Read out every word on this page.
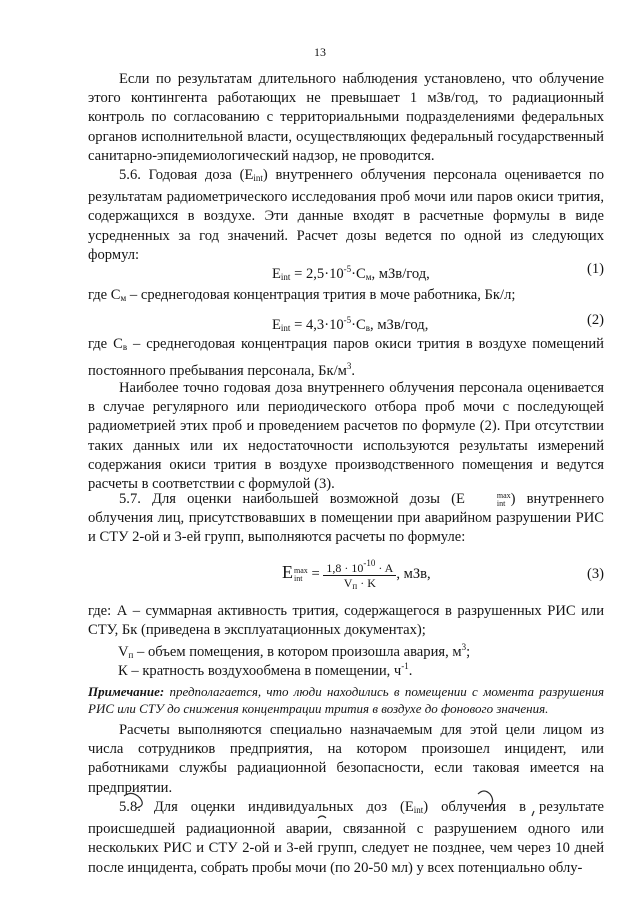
13

Если по результатам длительного наблюдения установлено, что облучение этого контингента работающих не превышает 1 мЗв/год, то радиационный контроль по согласованию с территориальными подразделениями федеральных органов исполнительной власти, осуществляющих федеральный государственный санитарно-эпидемиологический надзор, не проводится.

5.6. Годовая доза $(E_{int})$ внутреннего облучения персонала оценивается по результатам радиометрического исследования проб мочи или паров окиси трития, содержащихся в воздухе. Эти данные входят в расчетные формулы в виде усредненных за год значений. Расчет дозы ведется по одной из следующих формул:

$E_{int} = 2,5\cdot 10^{-5}\cdot C_м$, мЗв/год,	(1)

где $C_м$ – среднегодовая концентрация трития в моче работника, Бк/л;

$E_{int} = 4,3\cdot 10^{-5}\cdot C_в$, мЗв/год,	(2)

где $C_в$ – среднегодовая концентрация паров окиси трития в воздухе помещений постоянного пребывания персонала, $Бк/м^3$.

Наиболее точно годовая доза внутреннего облучения персонала оценивается в случае регулярного или периодического отбора проб мочи с последующей радиометрией этих проб и проведением расчетов по формуле (2). При отсутствии таких данных или их недостаточности используются результаты измерений содержания окиси трития в воздухе производственного помещения и ведутся расчеты в соответствии с формулой (3).

5.7. Для оценки наибольшей возможной дозы (E	max
int ) внутреннего облучения лиц, присутствовавших в помещении при аварийном разрушении РИС и СТУ 2-ой и 3-ей групп, выполняются расчеты по формуле:

E max
int = $\frac{1,8 \cdot 10^{-10} \cdot A}{V_п \cdot K}$ , мЗв,	(3)

где: А – суммарная активность трития, содержащегося в разрушенных РИС или СТУ, Бк (приведена в эксплуатационных документах);

$V_п$ – объем помещения, в котором произошла авария, $м^3$;

К – кратность воздухообмена в помещении, $ч^{-1}$.

Примечание: предполагается, что люди находились в помещении с момента разрушения РИС или СТУ до снижения концентрации трития в воздухе до фонового значения.

Расчеты выполняются специально назначаемым для этой цели лицом из числа сотрудников предприятия, на котором произошел инцидент, или работниками службы радиационной безопасности, если таковая имеется на предприятии.

5.8. Для оценки индивидуальных доз $(E_{int})$ облучения в результате происшедшей радиационной аварии, связанной с разрушением одного или нескольких РИС и СТУ 2-ой и 3-ей групп, следует не позднее, чем через 10 дней после инцидента, собрать пробы мочи (по 20-50 мл) у всех потенциально облу-
